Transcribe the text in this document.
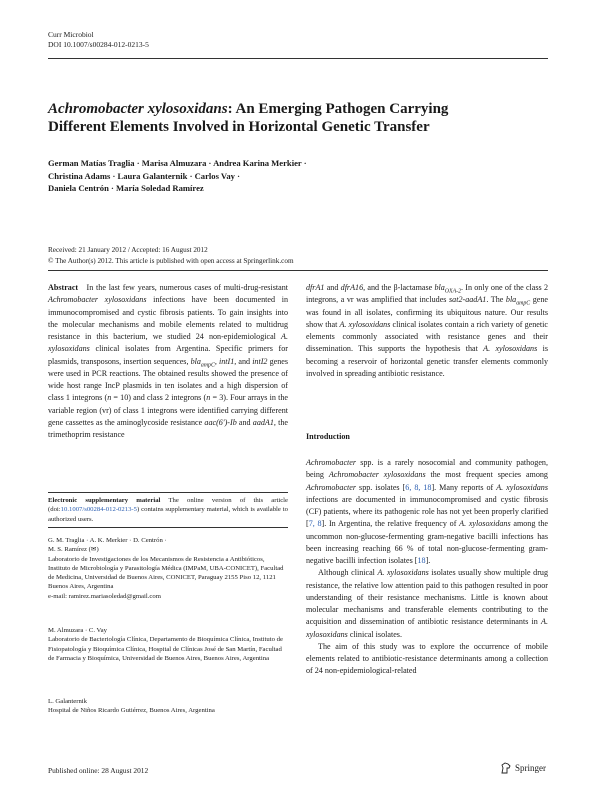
Curr Microbiol
DOI 10.1007/s00284-012-0213-5
Achromobacter xylosoxidans: An Emerging Pathogen Carrying
Different Elements Involved in Horizontal Genetic Transfer
German Matías Traglia · Marisa Almuzara · Andrea Karina Merkier ·
Christina Adams · Laura Galanternik · Carlos Vay ·
Daniela Centrón · María Soledad Ramírez
Received: 21 January 2012 / Accepted: 16 August 2012
© The Author(s) 2012. This article is published with open access at Springerlink.com

Abstract In the last few years, numerous cases of multi-drug-resistant Achromobacter xylosoxidans infections have been documented in immunocompromised and cystic fibrosis patients. To gain insights into the molecular mechanisms and mobile elements related to multidrug resistance in this bacterium, we studied 24 non-epidemiological A. xylosoxidans clinical isolates from Argentina. Specific primers for plasmids, transposons, insertion sequences, bla$_{ampC}$, intI1, and intI2 genes were used in PCR reactions. The obtained results showed the presence of wide host range IncP plasmids in ten isolates and a high dispersion of class 1 integrons (n = 10) and class 2 integrons (n = 3). Four arrays in the variable region (vr) of class 1 integrons were identified carrying different gene cassettes as the aminoglycoside resistance aac(6′)-Ib and aadA1, the trimethoprim resistance

dfrA1 and dfrA16, and the β-lactamase bla$_{OXA-2}$. In only one of the class 2 integrons, a vr was amplified that includes sat2-aadA1. The bla$_{ampC}$ gene was found in all isolates, confirming its ubiquitous nature. Our results show that A. xylosoxidans clinical isolates contain a rich variety of genetic elements commonly associated with resistance genes and their dissemination. This supports the hypothesis that A. xylosoxidans is becoming a reservoir of horizontal genetic transfer elements commonly involved in spreading antibiotic resistance.

Introduction

Achromobacter spp. is a rarely nosocomial and community pathogen, being Achromobacter xylosoxidans the most frequent species among Achromobacter spp. isolates [6, 8, 18]. Many reports of A. xylosoxidans infections are documented in immunocompromised and cystic fibrosis (CF) patients, where its pathogenic role has not yet been properly clarified [7, 8]. In Argentina, the relative frequency of A. xylosoxidans among the uncommon non-glucose-fermenting gram-negative bacilli infections has been increasing reaching 66 % of total non-glucose-fermenting gram-negative bacilli infection isolates [18].

Although clinical A. xylosoxidans isolates usually show multiple drug resistance, the relative low attention paid to this pathogen resulted in poor understanding of their resistance mechanisms. Little is known about molecular mechanisms and transferable elements contributing to the acquisition and dissemination of antibiotic resistance determinants in A. xylosoxidans clinical isolates.

The aim of this study was to explore the occurrence of mobile elements related to antibiotic-resistance determinants among a collection of 24 non-epidemiological-related

Electronic supplementary material The online version of this article (doi:10.1007/s00284-012-0213-5) contains supplementary material, which is available to authorized users.
G. M. Traglia · A. K. Merkier · D. Centrón ·
M. S. Ramírez (✉)
Laboratorio de Investigaciones de los Mecanismos de Resistencia a Antibióticos, Instituto de Microbiología y Parasitología Médica (IMPaM, UBA-CONICET), Facultad de Medicina, Universidad de Buenos Aires, CONICET, Paraguay 2155 Piso 12, 1121 Buenos Aires, Argentina
e-mail: ramirez.mariasoledad@gmail.com
M. Almuzara · C. Vay
Laboratorio de Bacteriología Clínica, Departamento de Bioquímica Clínica, Instituto de Fisiopatología y Bioquímica Clínica, Hospital de Clínicas José de San Martín, Facultad de Farmacia y Bioquímica, Universidad de Buenos Aires, Buenos Aires, Argentina
L. Galanternik
Hospital de Niños Ricardo Gutiérrez, Buenos Aires, Argentina
Published online: 28 August 2012	Springer
